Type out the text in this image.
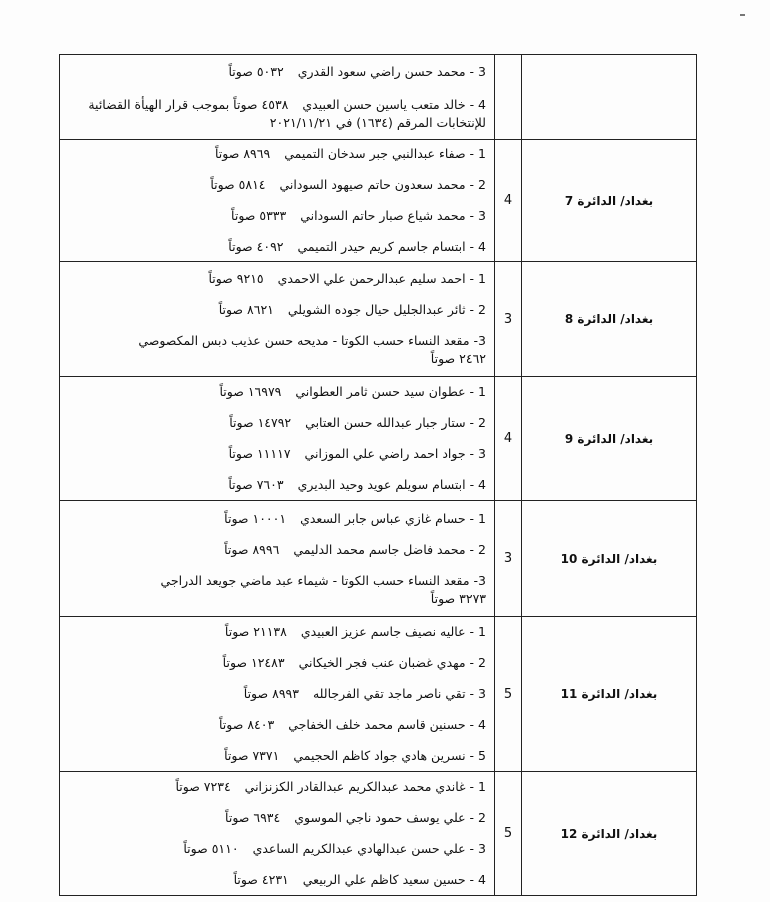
		3 - محمد حسن راضي سعود القدري٥٠٣٢ صوتاً
4 - خالد متعب ياسين حسن العبيدي٤٥٣٨ صوتاً بموجب قرار الهيأة القضائية للإنتخابات المرقم (١٦٣٤) في ٢٠٢١/١١/٢١

بغداد/ الدائرة 7	4	1 - صفاء عبدالنبي جبر سدخان التميمي٨٩٦٩ صوتاً
2 - محمد سعدون حاتم صيهود السوداني٥٨١٤ صوتاً
3 - محمد شياع صبار حاتم السوداني٥٣٣٣ صوتاً
4 - ابتسام جاسم كريم حيدر التميمي٤٠٩٢ صوتاً

بغداد/ الدائرة 8	3	1 - احمد سليم عبدالرحمن علي الاحمدي٩٢١٥ صوتاً
2 - ثائر عبدالجليل حيال جوده الشويلي٨٦٢١ صوتاً
3- مقعد النساء حسب الكوتا - مديحه حسن عذيب دبس المكصوصي
٢٤٦٢ صوتاً

بغداد/ الدائرة 9	4	1 - عطوان سيد حسن ثامر العطواني١٦٩٧٩ صوتاً
2 - ستار جبار عبدالله حسن العتابي١٤٧٩٢ صوتاً
3 - جواد احمد راضي علي الموزاني١١١١٧ صوتاً
4 - ابتسام سويلم عويد وحيد البديري٧٦٠٣ صوتاً

بغداد/ الدائرة 10	3	1 - حسام غازي عباس جابر السعدي١٠٠٠١ صوتاً
2 - محمد فاضل جاسم محمد الدليمي٨٩٩٦ صوتاً
3- مقعد النساء حسب الكوتا - شيماء عبد ماضي جويعد الدراجي
٣٢٧٣ صوتاً

بغداد/ الدائرة 11	5	1 - عاليه نصيف جاسم عزيز العبيدي٢١١٣٨ صوتاً
2 - مهدي غضبان عنب فجر الخيكاني١٢٤٨٣ صوتاً
3 - تقي ناصر ماجد تقي الفرجالله٨٩٩٣ صوتاً
4 - حسنين قاسم محمد خلف الخفاجي٨٤٠٣ صوتاً
5 - نسرين هادي جواد كاظم الحجيمي٧٣٧١ صوتاً

بغداد/ الدائرة 12	5	1 - غاندي محمد عبدالكريم عبدالقادر الكزنزاني٧٢٣٤ صوتاً
2 - علي يوسف حمود ناجي الموسوي٦٩٣٤ صوتاً
3 - علي حسن عبدالهادي عبدالكريم الساعدي٥١١٠ صوتاً
4 - حسين سعيد كاظم علي الربيعي٤٢٣١ صوتاً
